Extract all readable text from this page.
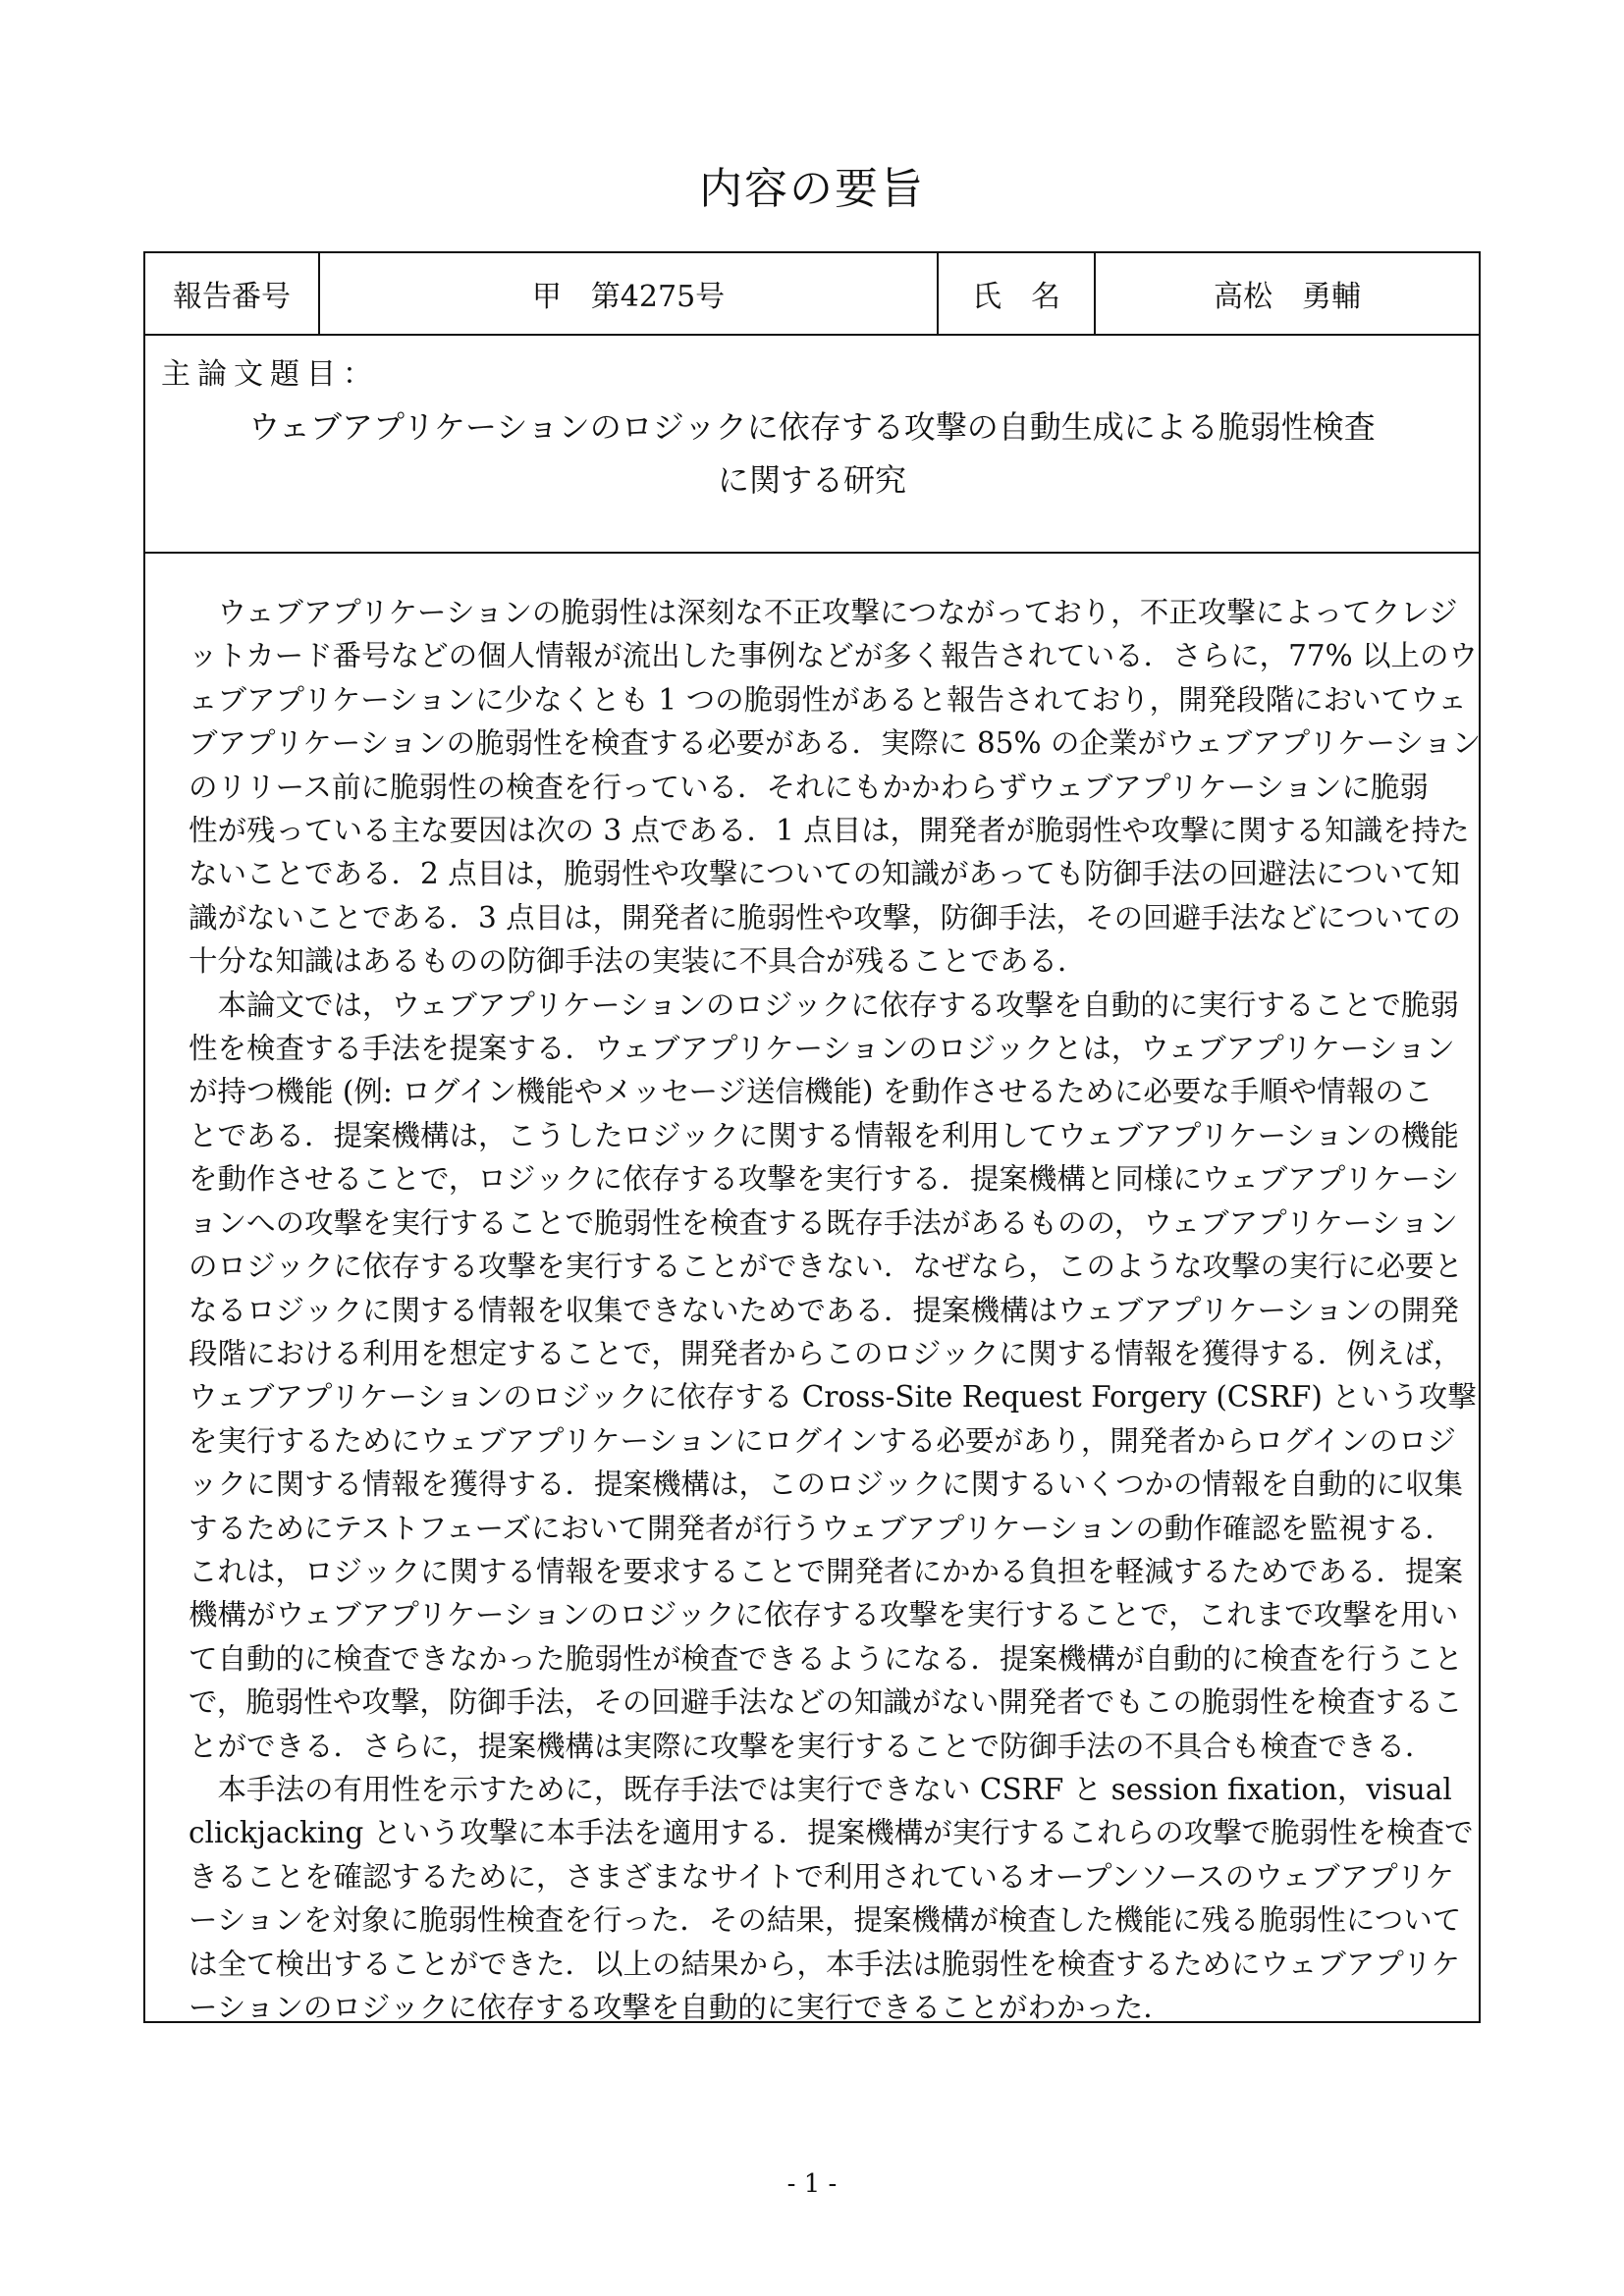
内容の要旨
報告番号	甲　第4275号	氏　名	高松　勇輔
主論文題目：
ウェブアプリケーションのロジックに依存する攻撃の自動生成による脆弱性検査
に関する研究

　ウェブアプリケーションの脆弱性は深刻な不正攻撃につながっており，不正攻撃によってクレジ
ットカード番号などの個人情報が流出した事例などが多く報告されている．さらに，77% 以上のウ
ェブアプリケーションに少なくとも 1 つの脆弱性があると報告されており，開発段階においてウェ
ブアプリケーションの脆弱性を検査する必要がある．実際に 85% の企業がウェブアプリケーション
のリリース前に脆弱性の検査を行っている．それにもかかわらずウェブアプリケーションに脆弱
性が残っている主な要因は次の 3 点である．1 点目は，開発者が脆弱性や攻撃に関する知識を持た
ないことである．2 点目は，脆弱性や攻撃についての知識があっても防御手法の回避法について知
識がないことである．3 点目は，開発者に脆弱性や攻撃，防御手法，その回避手法などについての
十分な知識はあるものの防御手法の実装に不具合が残ることである．

　本論文では，ウェブアプリケーションのロジックに依存する攻撃を自動的に実行することで脆弱
性を検査する手法を提案する．ウェブアプリケーションのロジックとは，ウェブアプリケーション
が持つ機能 (例: ログイン機能やメッセージ送信機能) を動作させるために必要な手順や情報のこ
とである．提案機構は，こうしたロジックに関する情報を利用してウェブアプリケーションの機能
を動作させることで，ロジックに依存する攻撃を実行する．提案機構と同様にウェブアプリケーシ
ョンへの攻撃を実行することで脆弱性を検査する既存手法があるものの，ウェブアプリケーション
のロジックに依存する攻撃を実行することができない．なぜなら，このような攻撃の実行に必要と
なるロジックに関する情報を収集できないためである．提案機構はウェブアプリケーションの開発
段階における利用を想定することで，開発者からこのロジックに関する情報を獲得する．例えば，
ウェブアプリケーションのロジックに依存する Cross-Site Request Forgery (CSRF) という攻撃
を実行するためにウェブアプリケーションにログインする必要があり，開発者からログインのロジ
ックに関する情報を獲得する．提案機構は，このロジックに関するいくつかの情報を自動的に収集
するためにテストフェーズにおいて開発者が行うウェブアプリケーションの動作確認を監視する．
これは，ロジックに関する情報を要求することで開発者にかかる負担を軽減するためである．提案
機構がウェブアプリケーションのロジックに依存する攻撃を実行することで，これまで攻撃を用い
て自動的に検査できなかった脆弱性が検査できるようになる．提案機構が自動的に検査を行うこと
で，脆弱性や攻撃，防御手法，その回避手法などの知識がない開発者でもこの脆弱性を検査するこ
とができる．さらに，提案機構は実際に攻撃を実行することで防御手法の不具合も検査できる．

　本手法の有用性を示すために，既存手法では実行できない CSRF と session fixation，visual
clickjacking という攻撃に本手法を適用する．提案機構が実行するこれらの攻撃で脆弱性を検査で
きることを確認するために，さまざまなサイトで利用されているオープンソースのウェブアプリケ
ーションを対象に脆弱性検査を行った．その結果，提案機構が検査した機能に残る脆弱性について
は全て検出することができた．以上の結果から，本手法は脆弱性を検査するためにウェブアプリケ
ーションのロジックに依存する攻撃を自動的に実行できることがわかった．

- 1 -
